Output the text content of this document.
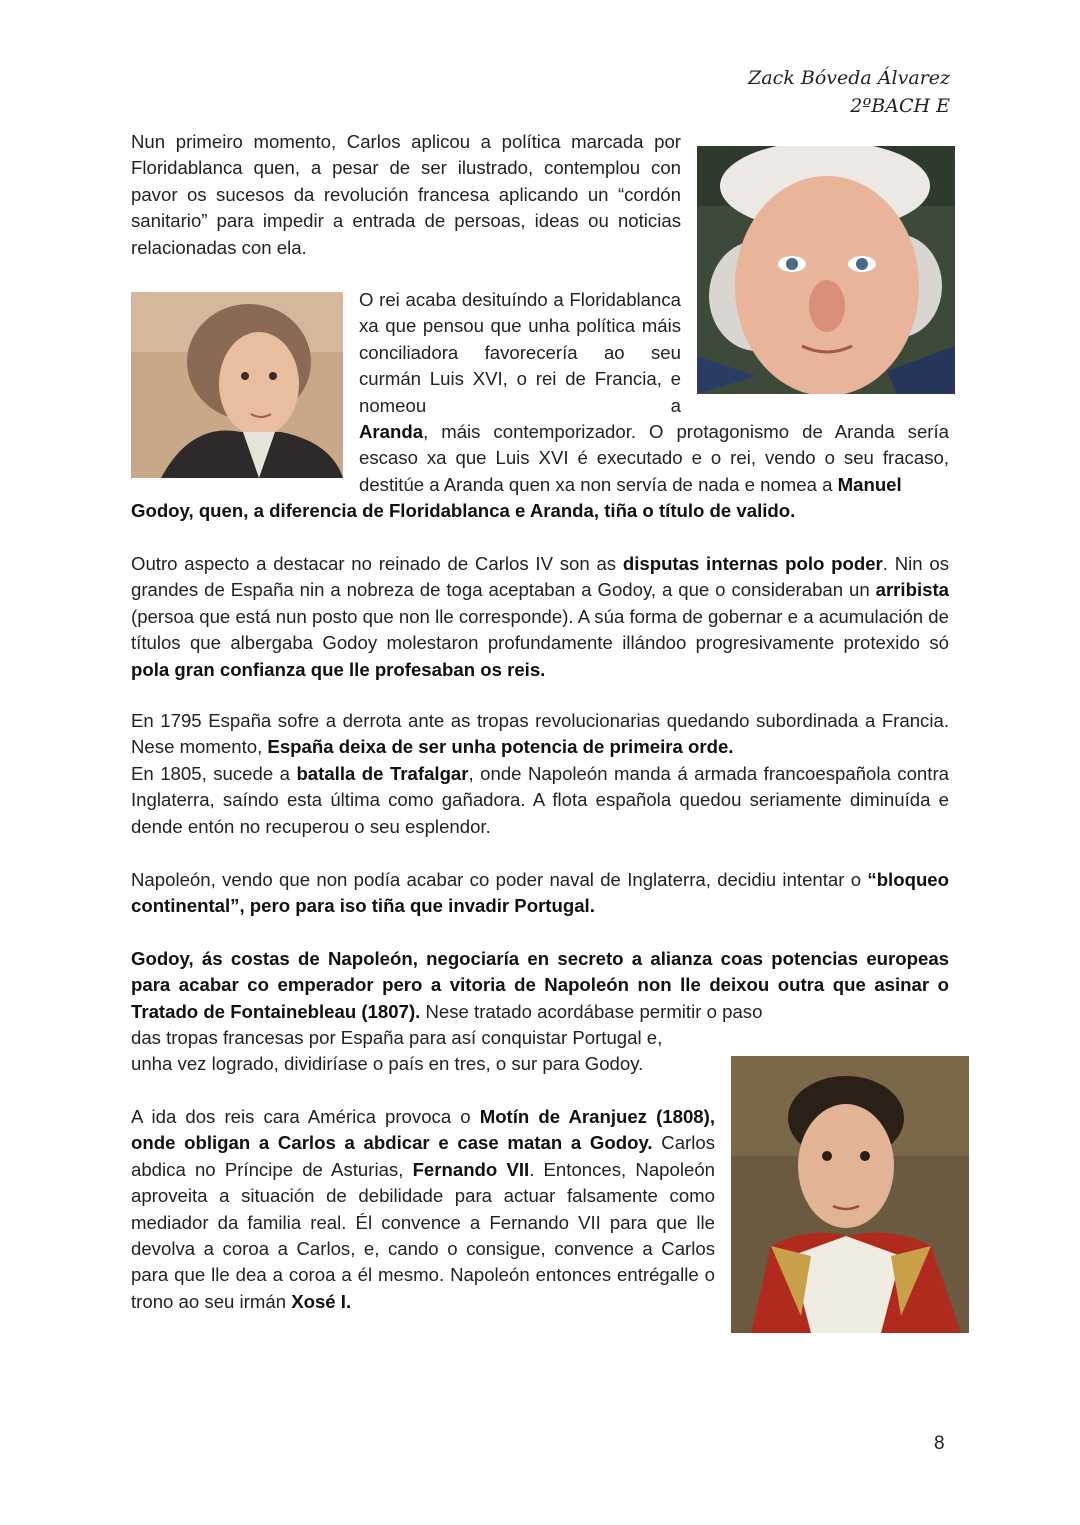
Zack Bóveda Álvarez
2ºBACH E

Nun primeiro momento, Carlos aplicou a política marcada por Floridablanca quen, a pesar de ser ilustrado, contemplou con pavor os sucesos da revolución francesa aplicando un “cordón sanitario” para impedir a entrada de persoas, ideas ou noticias relacionadas con ela.

O rei acaba desituíndo a Floridablanca xa que pensou que unha política máis conciliadora favorecería ao seu curmán Luis XVI, o rei de Francia, e nomeou a

Aranda, máis contemporizador. O protagonismo de Aranda sería escaso xa que Luis XVI é executado e o rei, vendo o seu fracaso, destitúe a Aranda quen xa non servía de nada e nomea a Manuel

Godoy, quen, a diferencia de Floridablanca e Aranda, tiña o título de valido.

Outro aspecto a destacar no reinado de Carlos IV son as disputas internas polo poder. Nin os grandes de España nin a nobreza de toga aceptaban a Godoy, a que o consideraban un arribista (persoa que está nun posto que non lle corresponde). A súa forma de gobernar e a acumulación de títulos que albergaba Godoy molestaron profundamente illándoo progresivamente protexido só pola gran confianza que lle profesaban os reis.

En 1795 España sofre a derrota ante as tropas revolucionarias quedando subordinada a Francia. Nese momento, España deixa de ser unha potencia de primeira orde.

En 1805, sucede a batalla de Trafalgar, onde Napoleón manda á armada francoespañola contra Inglaterra, saíndo esta última como gañadora. A flota española quedou seriamente diminuída e dende entón no recuperou o seu esplendor.

Napoleón, vendo que non podía acabar co poder naval de Inglaterra, decidiu intentar o “bloqueo continental”, pero para iso tiña que invadir Portugal.

Godoy, ás costas de Napoleón, negociaría en secreto a alianza coas potencias europeas para acabar co emperador pero a vitoria de Napoleón non lle deixou outra que asinar o Tratado de Fontainebleau (1807). Nese tratado acordábase permitir o paso

das tropas francesas por España para así conquistar Portugal e,

unha vez logrado, dividiríase o país en tres, o sur para Godoy.

A ida dos reis cara América provoca o Motín de Aranjuez (1808), onde obligan a Carlos a abdicar e case matan a Godoy. Carlos abdica no Príncipe de Asturias, Fernando VII. Entonces, Napoleón aproveita a situación de debilidade para actuar falsamente como mediador da familia real. Él convence a Fernando VII para que lle devolva a coroa a Carlos, e, cando o consigue, convence a Carlos para que lle dea a coroa a él mesmo. Napoleón entonces entrégalle o trono ao seu irmán Xosé I.

8
